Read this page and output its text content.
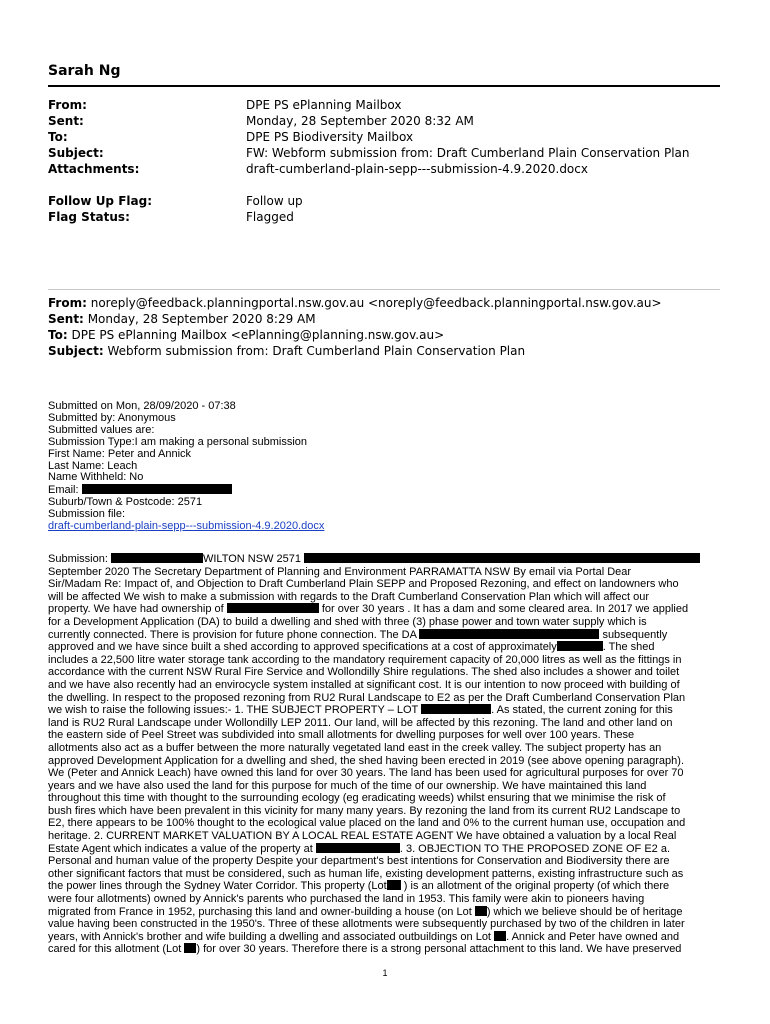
Sarah Ng
From:	DPE PS ePlanning Mailbox
Sent:	Monday, 28 September 2020 8:32 AM
To:	DPE PS Biodiversity Mailbox
Subject:	FW: Webform submission from: Draft Cumberland Plain Conservation Plan
Attachments:	draft-cumberland-plain-sepp---submission-4.9.2020.docx
Follow Up Flag:	Follow up
Flag Status:	Flagged
From: noreply@feedback.planningportal.nsw.gov.au <noreply@feedback.planningportal.nsw.gov.au>
Sent: Monday, 28 September 2020 8:29 AM
To: DPE PS ePlanning Mailbox <ePlanning@planning.nsw.gov.au>
Subject: Webform submission from: Draft Cumberland Plain Conservation Plan
Submitted on Mon, 28/09/2020 - 07:38
Submitted by: Anonymous
Submitted values are:
Submission Type:I am making a personal submission
First Name: Peter and Annick
Last Name: Leach
Name Withheld: No
Email:
Suburb/Town & Postcode: 2571
Submission file:
draft-cumberland-plain-sepp---submission-4.9.2020.docx
Submission:	WILTON NSW 2571
September 2020 The Secretary Department of Planning and Environment PARRAMATTA NSW By email via Portal Dear
Sir/Madam Re: Impact of, and Objection to Draft Cumberland Plain SEPP and Proposed Rezoning, and effect on landowners who
will be affected We wish to make a submission with regards to the Draft Cumberland Conservation Plan which will affect our
property. We have had ownership of	for over 30 years . It has a dam and some cleared area. In 2017 we applied
for a Development Application (DA) to build a dwelling and shed with three (3) phase power and town water supply which is
currently connected. There is provision for future phone connection. The DA	subsequently
approved and we have since built a shed according to approved specifications at a cost of approximately	. The shed
includes a 22,500 litre water storage tank according to the mandatory requirement capacity of 20,000 litres as well as the fittings in
accordance with the current NSW Rural Fire Service and Wollondilly Shire regulations. The shed also includes a shower and toilet
and we have also recently had an envirocycle system installed at significant cost. It is our intention to now proceed with building of
the dwelling. In respect to the proposed rezoning from RU2 Rural Landscape to E2 as per the Draft Cumberland Conservation Plan
we wish to raise the following issues:- 1. THE SUBJECT PROPERTY – LOT	. As stated, the current zoning for this
land is RU2 Rural Landscape under Wollondilly LEP 2011. Our land, will be affected by this rezoning. The land and other land on
the eastern side of Peel Street was subdivided into small allotments for dwelling purposes for well over 100 years. These
allotments also act as a buffer between the more naturally vegetated land east in the creek valley. The subject property has an
approved Development Application for a dwelling and shed, the shed having been erected in 2019 (see above opening paragraph).
We (Peter and Annick Leach) have owned this land for over 30 years. The land has been used for agricultural purposes for over 70
years and we have also used the land for this purpose for much of the time of our ownership. We have maintained this land
throughout this time with thought to the surrounding ecology (eg eradicating weeds) whilst ensuring that we minimise the risk of
bush fires which have been prevalent in this vicinity for many many years. By rezoning the land from its current RU2 Landscape to
E2, there appears to be 100% thought to the ecological value placed on the land and 0% to the current human use, occupation and
heritage. 2. CURRENT MARKET VALUATION BY A LOCAL REAL ESTATE AGENT We have obtained a valuation by a local Real
Estate Agent which indicates a value of the property at	. 3. OBJECTION TO THE PROPOSED ZONE OF E2 a.
Personal and human value of the property Despite your department's best intentions for Conservation and Biodiversity there are
other significant factors that must be considered, such as human life, existing development patterns, existing infrastructure such as
the power lines through the Sydney Water Corridor. This property (Lot ) is an allotment of the original property (of which there
were four allotments) owned by Annick's parents who purchased the land in 1953. This family were akin to pioneers having
migrated from France in 1952, purchasing this land and owner-building a house (on Lot ) which we believe should be of heritage
value having been constructed in the 1950's. Three of these allotments were subsequently purchased by two of the children in later
years, with Annick's brother and wife building a dwelling and associated outbuildings on Lot . Annick and Peter have owned and
cared for this allotment (Lot ) for over 30 years. Therefore there is a strong personal attachment to this land. We have preserved
1
